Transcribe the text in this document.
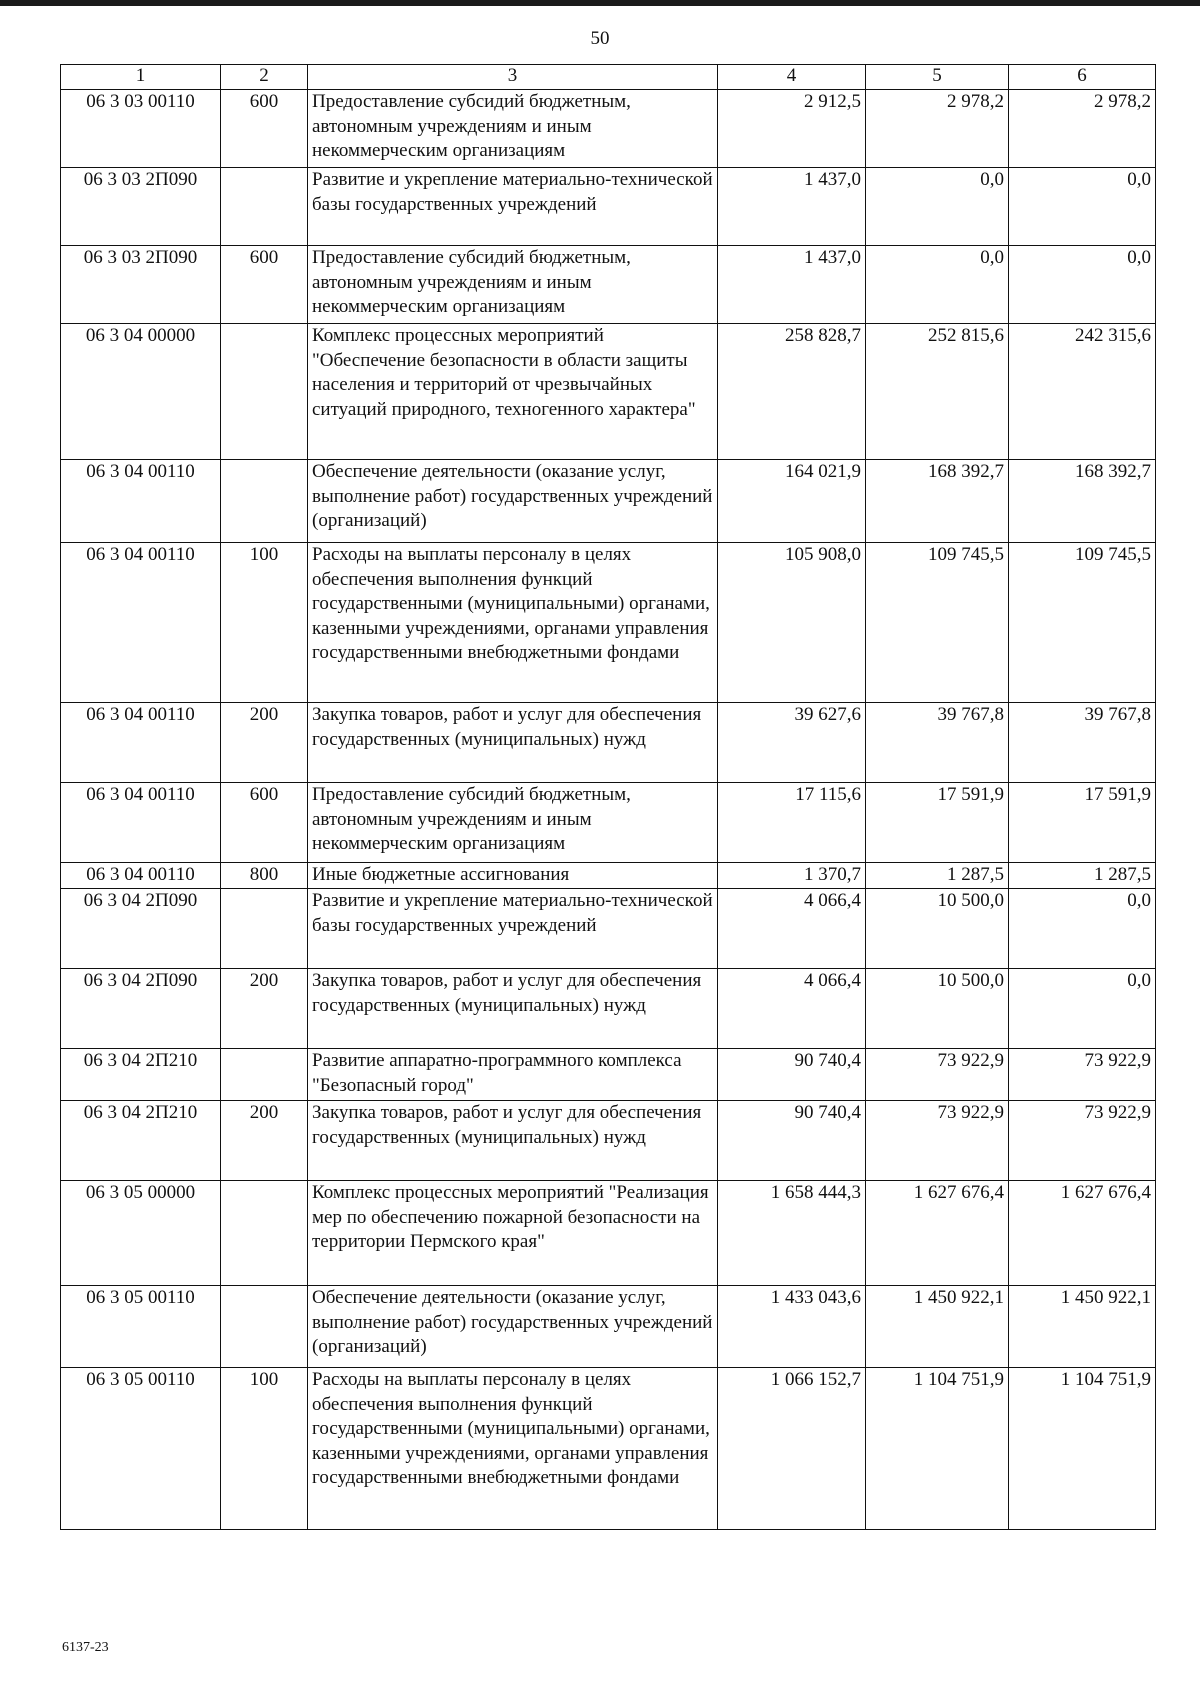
50
1	2	3	4	5	6
06 3 03 00110	600	Предоставление субсидий бюджетным, автономным учреждениям и иным некоммерческим организациям	2 912,5	2 978,2	2 978,2
06 3 03 2П090		Развитие и укрепление материально-технической базы государственных учреждений	1 437,0	0,0	0,0
06 3 03 2П090	600	Предоставление субсидий бюджетным, автономным учреждениям и иным некоммерческим организациям	1 437,0	0,0	0,0
06 3 04 00000		Комплекс процессных мероприятий "Обеспечение безопасности в области защиты населения и территорий от чрезвычайных ситуаций природного, техногенного характера"	258 828,7	252 815,6	242 315,6
06 3 04 00110		Обеспечение деятельности (оказание услуг, выполнение работ) государственных учреждений (организаций)	164 021,9	168 392,7	168 392,7
06 3 04 00110	100	Расходы на выплаты персоналу в целях обеспечения выполнения функций государственными (муниципальными) органами, казенными учреждениями, органами управления государственными внебюджетными фондами	105 908,0	109 745,5	109 745,5
06 3 04 00110	200	Закупка товаров, работ и услуг для обеспечения государственных (муниципальных) нужд	39 627,6	39 767,8	39 767,8
06 3 04 00110	600	Предоставление субсидий бюджетным, автономным учреждениям и иным некоммерческим организациям	17 115,6	17 591,9	17 591,9
06 3 04 00110	800	Иные бюджетные ассигнования	1 370,7	1 287,5	1 287,5
06 3 04 2П090		Развитие и укрепление материально-технической базы государственных учреждений	4 066,4	10 500,0	0,0
06 3 04 2П090	200	Закупка товаров, работ и услуг для обеспечения государственных (муниципальных) нужд	4 066,4	10 500,0	0,0
06 3 04 2П210		Развитие аппаратно-программного комплекса "Безопасный город"	90 740,4	73 922,9	73 922,9
06 3 04 2П210	200	Закупка товаров, работ и услуг для обеспечения государственных (муниципальных) нужд	90 740,4	73 922,9	73 922,9
06 3 05 00000		Комплекс процессных мероприятий "Реализация мер по обеспечению пожарной безопасности на территории Пермского края"	1 658 444,3	1 627 676,4	1 627 676,4
06 3 05 00110		Обеспечение деятельности (оказание услуг, выполнение работ) государственных учреждений (организаций)	1 433 043,6	1 450 922,1	1 450 922,1
06 3 05 00110	100	Расходы на выплаты персоналу в целях обеспечения выполнения функций государственными (муниципальными) органами, казенными учреждениями, органами управления государственными внебюджетными фондами	1 066 152,7	1 104 751,9	1 104 751,9
6137-23
